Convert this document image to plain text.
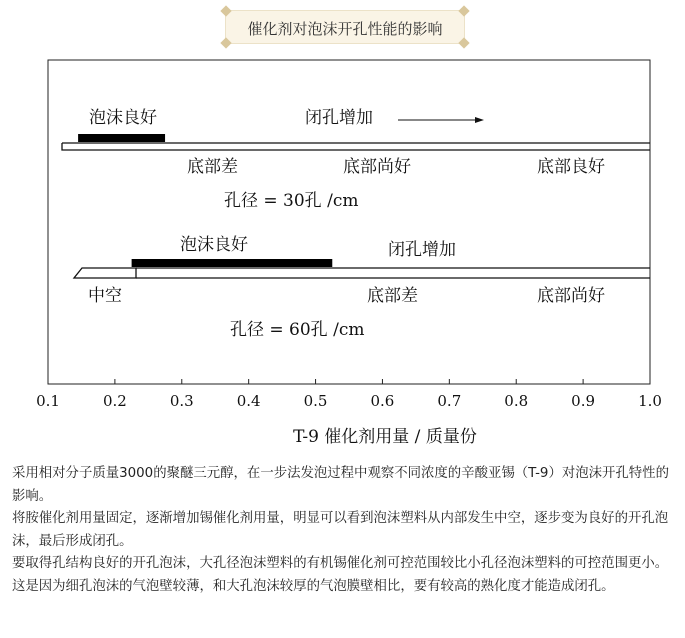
催化剂对泡沫开孔性能的影响
泡沫良好	闭孔增加
底部差	底部尚好	底部良好
孔径 = 30孔 /cm
泡沫良好	闭孔增加
中空	底部差	底部尚好
孔径 = 60孔 /cm
0.1	0.2	0.3	0.4	0.5	0.6	0.7	0.8	0.9	1.0
T-9 催化剂用量 / 质量份

采用相对分子质量3000的聚醚三元醇，在一步法发泡过程中观察不同浓度的辛酸亚锡（T-9）对泡沫开孔特性的影响。

将胺催化剂用量固定，逐渐增加锡催化剂用量，明显可以看到泡沫塑料从内部发生中空，逐步变为良好的开孔泡沫，最后形成闭孔。

要取得孔结构良好的开孔泡沫，大孔径泡沫塑料的有机锡催化剂可控范围较比小孔径泡沫塑料的可控范围更小。这是因为细孔泡沫的气泡壁较薄，和大孔泡沫较厚的气泡膜壁相比，要有较高的熟化度才能造成闭孔。
